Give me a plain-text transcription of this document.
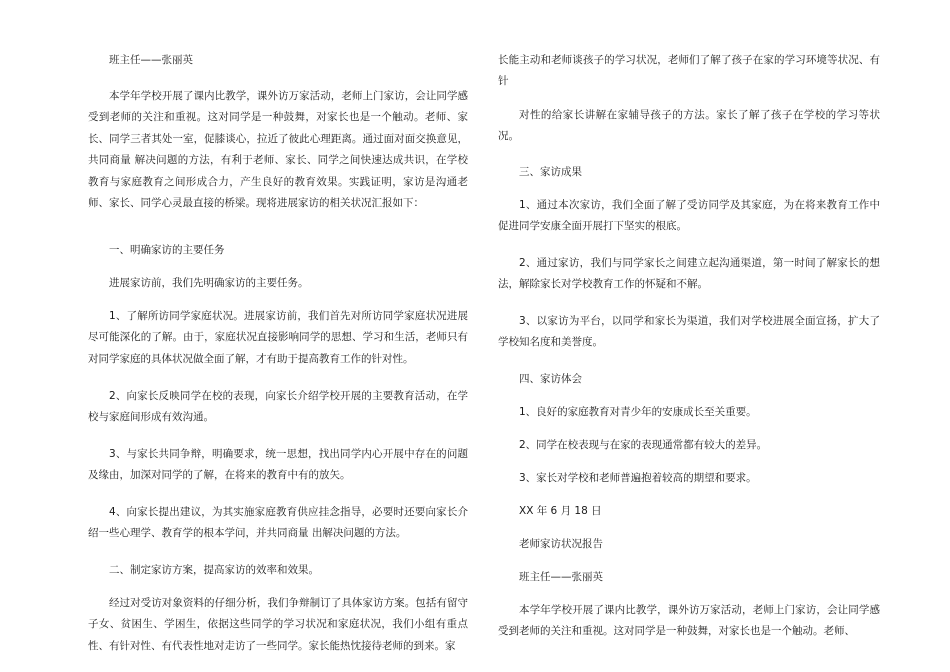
班主任——张丽英
本学年学校开展了课内比教学，课外访万家活动，老师上门家访，会让同学感受到老师的关注和重视。这对同学是一种鼓舞，对家长也是一个触动。老师、家长、同学三者其处一室，促膝谈心，拉近了彼此心理距离。通过面对面交换意见，共同商量 解决问题的方法，有利于老师、家长、同学之间快速达成共识，在学校教育与家庭教育之间形成合力，产生良好的教育效果。实践证明，家访是沟通老师、家长、同学心灵最直接的桥梁。现将进展家访的相关状况汇报如下：
一、明确家访的主要任务
进展家访前，我们先明确家访的主要任务。
1、了解所访同学家庭状况。进展家访前，我们首先对所访同学家庭状况进展尽可能深化的了解。由于，家庭状况直接影响同学的思想、学习和生活，老师只有对同学家庭的具体状况做全面了解，才有助于提高教育工作的针对性。
2、向家长反映同学在校的表现，向家长介绍学校开展的主要教育活动，在学校与家庭间形成有效沟通。
3、与家长共同争辩，明确要求，统一思想，找出同学内心开展中存在的问题及缘由，加深对同学的了解，在将来的教育中有的放矢。
4、向家长提出建议，为其实施家庭教育供应挂念指导，必要时还要向家长介绍一些心理学、教育学的根本学问，并共同商量 出解决问题的方法。
二、制定家访方案，提高家访的效率和效果。
经过对受访对象资料的仔细分析，我们争辩制订了具体家访方案。包括有留守子女、贫困生、学困生，依据这些同学的学习状况和家庭状况，我们小组有重点性、有针对性、有代表性地对走访了一些同学。家长能热忱接待老师的到来。家
长能主动和老师谈孩子的学习状况，老师们了解了孩子在家的学习环境等状况、有针
对性的给家长讲解在家辅导孩子的方法。家长了解了孩子在学校的学习等状况。
三、家访成果
1、通过本次家访，我们全面了解了受访同学及其家庭，为在将来教育工作中促进同学安康全面开展打下坚实的根底。
2、通过家访，我们与同学家长之间建立起沟通渠道，第一时间了解家长的想法，解除家长对学校教育工作的怀疑和不解。
3、以家访为平台，以同学和家长为渠道，我们对学校进展全面宣扬，扩大了学校知名度和美誉度。
四、家访体会
1、良好的家庭教育对青少年的安康成长至关重要。
2、同学在校表现与在家的表现通常都有较大的差异。
3、家长对学校和老师普遍抱着较高的期望和要求。
XX 年 6 月 18 日
老师家访状况报告
班主任——张丽英
本学年学校开展了课内比教学，课外访万家活动，老师上门家访，会让同学感受到老师的关注和重视。这对同学是一种鼓舞，对家长也是一个触动。老师、
